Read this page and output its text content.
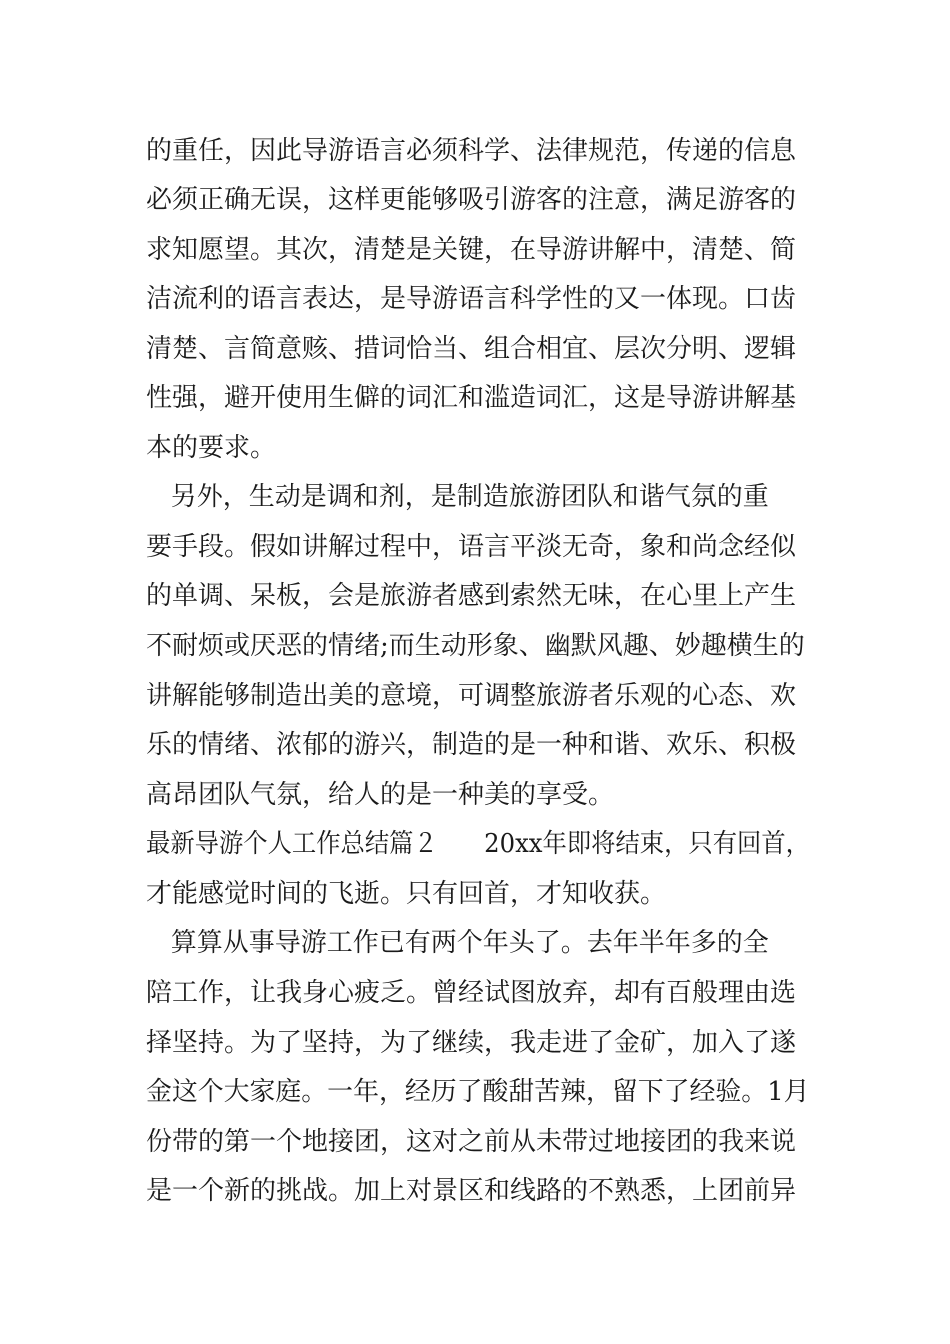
的重任，因此导游语言必须科学、法律规范，传递的信息
必须正确无误，这样更能够吸引游客的注意，满足游客的
求知愿望。其次，清楚是关键，在导游讲解中，清楚、简
洁流利的语言表达，是导游语言科学性的又一体现。口齿
清楚、言简意赅、措词恰当、组合相宜、层次分明、逻辑
性强，避开使用生僻的词汇和滥造词汇，这是导游讲解基
本的要求。
另外，生动是调和剂，是制造旅游团队和谐气氛的重
要手段。假如讲解过程中，语言平淡无奇，象和尚念经似
的单调、呆板，会是旅游者感到索然无味，在心里上产生
不耐烦或厌恶的情绪;而生动形象、幽默风趣、妙趣横生的
讲解能够制造出美的意境，可调整旅游者乐观的心态、欢
乐的情绪、浓郁的游兴，制造的是一种和谐、欢乐、积极
高昂团队气氛，给人的是一种美的享受。
最新导游个人工作总结篇２      20xx年即将结束，只有回首，
才能感觉时间的飞逝。只有回首，才知收获。
算算从事导游工作已有两个年头了。去年半年多的全
陪工作，让我身心疲乏。曾经试图放弃，却有百般理由选
择坚持。为了坚持，为了继续，我走进了金矿，加入了遂
金这个大家庭。一年，经历了酸甜苦辣，留下了经验。1月
份带的第一个地接团，这对之前从未带过地接团的我来说
是一个新的挑战。加上对景区和线路的不熟悉，上团前异
